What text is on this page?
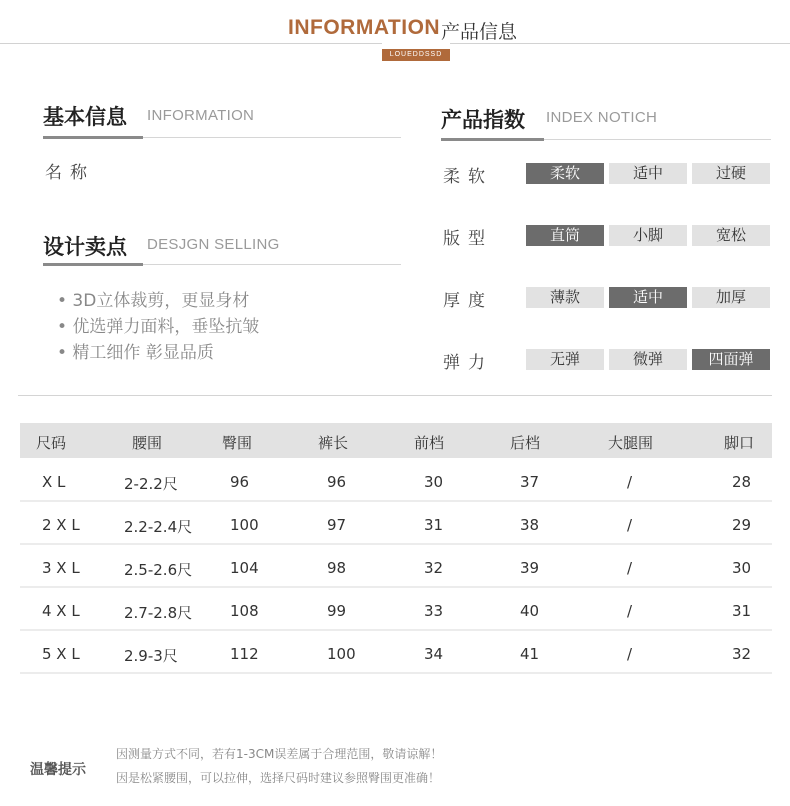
INFORMATION 产品信息
LOUEDDSSD
基本信息 INFORMATION
名称
设计卖点 DESJGN SELLING
• 3D立体裁剪，更显身材
• 优选弹力面料，垂坠抗皱
• 精工细作 彰显品质
产品指数 INDEX NOTICH
柔软	柔软	适中	过硬
版型	直筒	小脚	宽松
厚度	薄款	适中	加厚
弹力	无弹	微弹	四面弹
尺码	腰围	臀围	裤长	前档	后档	大腿围	脚口
X L	2-2.2尺	96	96	30	37	/	28
2 X L	2.2-2.4尺	100	97	31	38	/	29
3 X L	2.5-2.6尺	104	98	32	39	/	30
4 X L	2.7-2.8尺	108	99	33	40	/	31
5 X L	2.9-3尺	112	100	34	41	/	32
温馨提示
因测量方式不同，若有1-3CM误差属于合理范围，敬请谅解！
因是松紧腰围，可以拉伸，选择尺码时建议参照臀围更准确！
